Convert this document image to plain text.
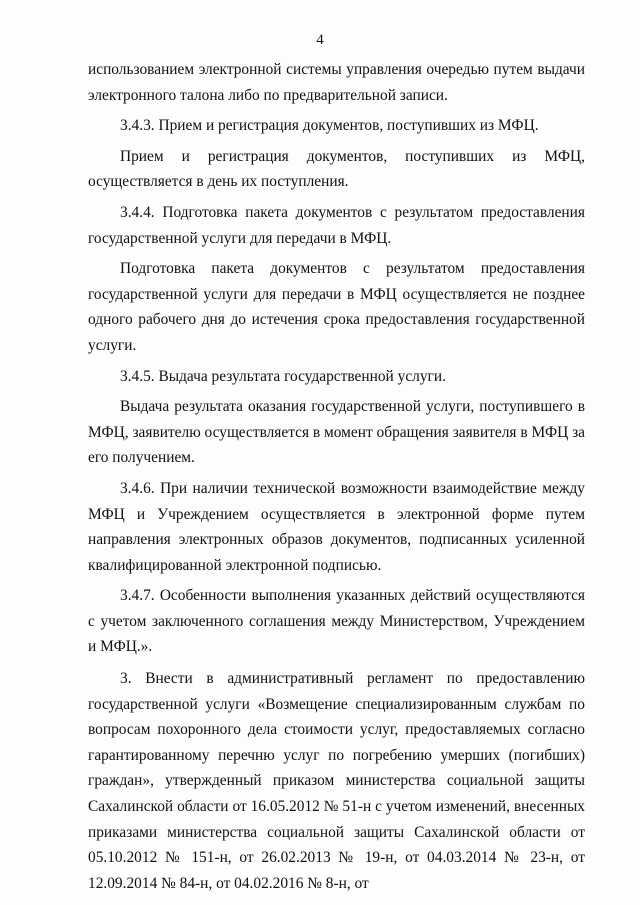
4

использованием электронной системы управления очередью путем выдачи электронного талона либо по предварительной записи.

3.4.3. Прием и регистрация документов, поступивших из МФЦ.

Прием и регистрация документов, поступивших из МФЦ, осуществляется в день их поступления.

3.4.4. Подготовка пакета документов с результатом предоставления государственной услуги для передачи в МФЦ.

Подготовка пакета документов с результатом предоставления государственной услуги для передачи в МФЦ осуществляется не позднее одного рабочего дня до истечения срока предоставления государственной услуги.

3.4.5. Выдача результата государственной услуги.

Выдача результата оказания государственной услуги, поступившего в МФЦ, заявителю осуществляется в момент обращения заявителя в МФЦ за его получением.

3.4.6. При наличии технической возможности взаимодействие между МФЦ и Учреждением осуществляется в электронной форме путем направления электронных образов документов, подписанных усиленной квалифицированной электронной подписью.

3.4.7. Особенности выполнения указанных действий осуществляются с учетом заключенного соглашения между Министерством, Учреждением и МФЦ.».

3. Внести в административный регламент по предоставлению государственной услуги «Возмещение специализированным службам по вопросам похоронного дела стоимости услуг, предоставляемых согласно гарантированному перечню услуг по погребению умерших (погибших) граждан», утвержденный приказом министерства социальной защиты Сахалинской области от 16.05.2012 № 51-н с учетом изменений, внесенных приказами министерства социальной защиты Сахалинской области от 05.10.2012 № 151-н, от 26.02.2013 № 19-н, от 04.03.2014 № 23-н, от 12.09.2014 № 84-н, от 04.02.2016 № 8-н, от
